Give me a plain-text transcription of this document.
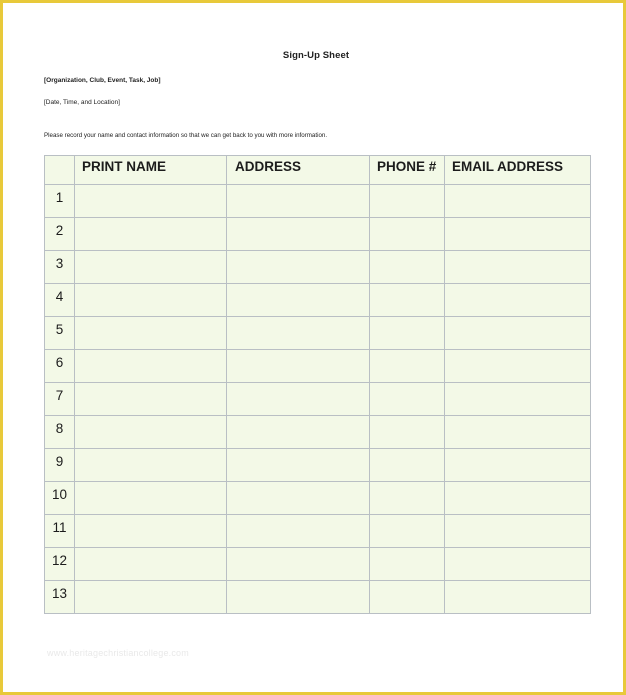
Sign-Up Sheet
[Organization, Club, Event, Task, Job]
[Date, Time, and Location]
Please record your name and contact information so that we can get back to you with more information.
	PRINT NAME	ADDRESS	PHONE #	EMAIL ADDRESS
1				
2				
3				
4				
5				
6				
7				
8				
9				
10				
11				
12				
13				
www.heritagechristiancollege.com
